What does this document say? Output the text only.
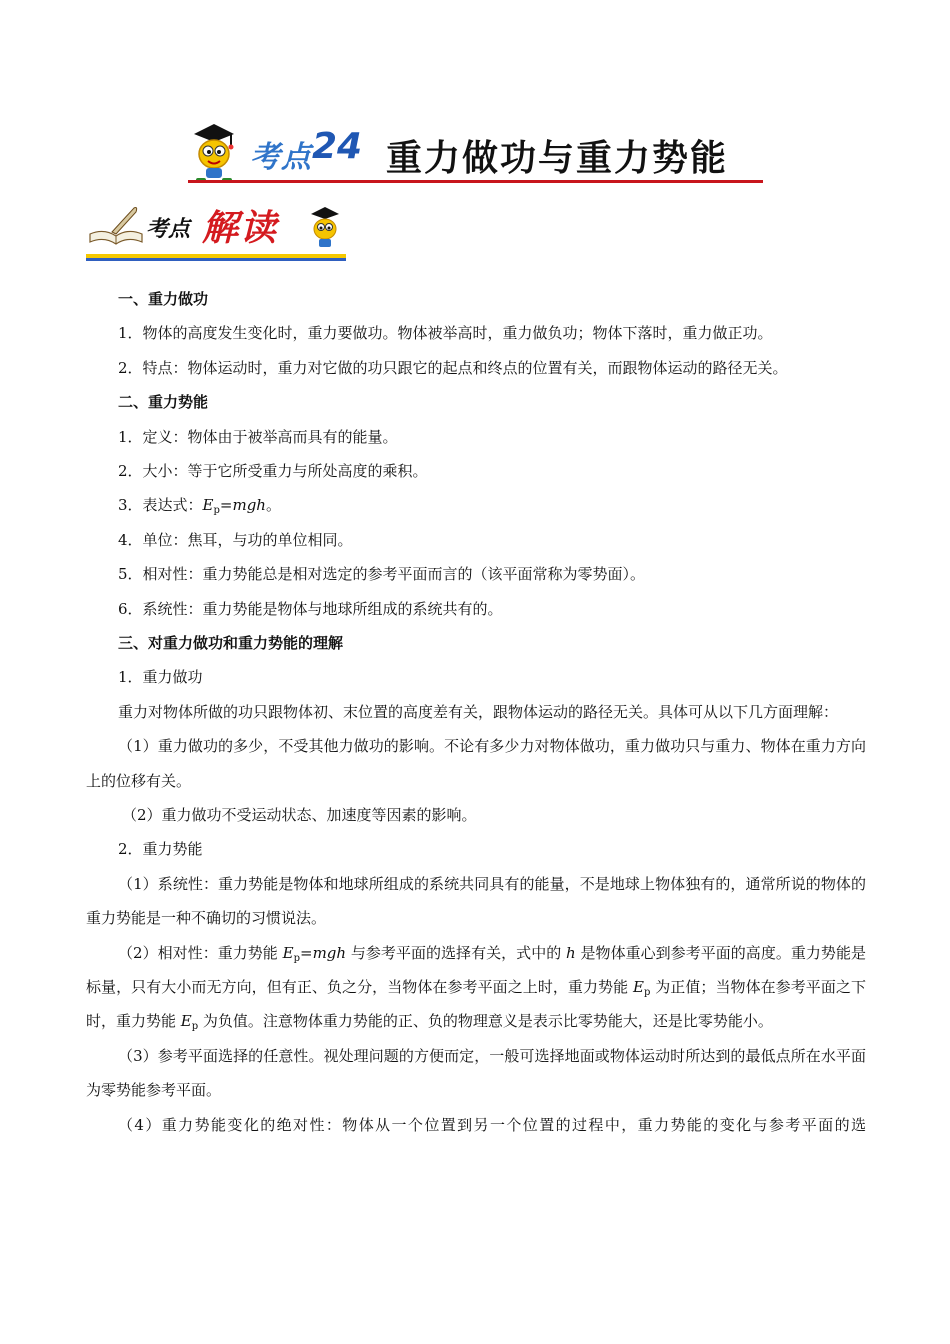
考点 24 重力做功与重力势能
考点 解读
一、重力做功
1．物体的高度发生变化时，重力要做功。物体被举高时，重力做负功；物体下落时，重力做正功。
2．特点：物体运动时，重力对它做的功只跟它的起点和终点的位置有关，而跟物体运动的路径无关。
二、重力势能
1．定义：物体由于被举高而具有的能量。
2．大小：等于它所受重力与所处高度的乘积。
3．表达式：$E_p=mgh$。
4．单位：焦耳，与功的单位相同。
5．相对性：重力势能总是相对选定的参考平面而言的（该平面常称为零势面）。
6．系统性：重力势能是物体与地球所组成的系统共有的。
三、对重力做功和重力势能的理解
1．重力做功
重力对物体所做的功只跟物体初、末位置的高度差有关，跟物体运动的路径无关。具体可从以下几方面理解：
（1）重力做功的多少，不受其他力做功的影响。不论有多少力对物体做功，重力做功只与重力、物体在重力方向上的位移有关。
（2）重力做功不受运动状态、加速度等因素的影响。
2．重力势能
（1）系统性：重力势能是物体和地球所组成的系统共同具有的能量，不是地球上物体独有的，通常所说的物体的重力势能是一种不确切的习惯说法。
（2）相对性：重力势能 $E_p=mgh$ 与参考平面的选择有关，式中的 h 是物体重心到参考平面的高度。重力势能是标量，只有大小而无方向，但有正、负之分，当物体在参考平面之上时，重力势能 $E_p$ 为正值；当物体在参考平面之下时，重力势能 $E_p$ 为负值。注意物体重力势能的正、负的物理意义是表示比零势能大，还是比零势能小。
（3）参考平面选择的任意性。视处理问题的方便而定，一般可选择地面或物体运动时所达到的最低点所在水平面为零势能参考平面。
（4）重力势能变化的绝对性：物体从一个位置到另一个位置的过程中，重力势能的变化与参考平面的选
